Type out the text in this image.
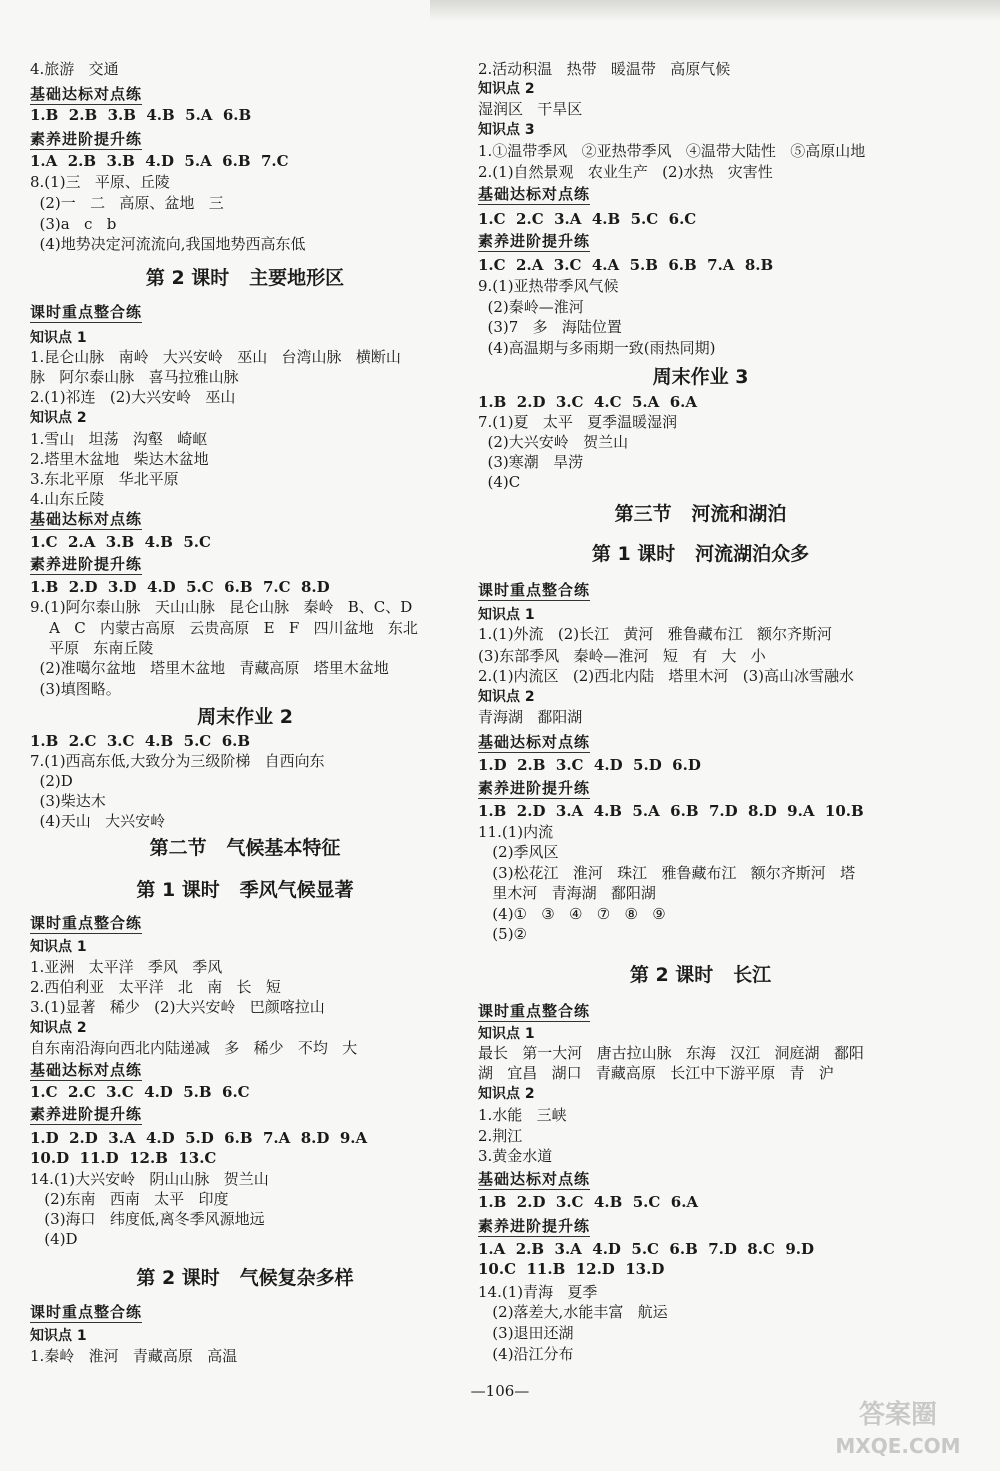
4.旅游   交通
基础达标对点练
1.B  2.B  3.B  4.B  5.A  6.B
素养进阶提升练
1.A  2.B  3.B  4.D  5.A  6.B  7.C
8.(1)三   平原、丘陵
(2)一   二   高原、盆地   三
(3)a   c   b
(4)地势决定河流流向,我国地势西高东低
第 2 课时   主要地形区
课时重点整合练
知识点 1
1.昆仑山脉   南岭   大兴安岭   巫山   台湾山脉   横断山
脉   阿尔泰山脉   喜马拉雅山脉
2.(1)祁连   (2)大兴安岭   巫山
知识点 2
1.雪山   坦荡   沟壑   崎岖
2.塔里木盆地   柴达木盆地
3.东北平原   华北平原
4.山东丘陵
基础达标对点练
1.C  2.A  3.B  4.B  5.C
素养进阶提升练
1.B  2.D  3.D  4.D  5.C  6.B  7.C  8.D
9.(1)阿尔泰山脉   天山山脉   昆仑山脉   秦岭   B、C、D
A   C   内蒙古高原   云贵高原   E   F   四川盆地   东北
平原   东南丘陵
(2)准噶尔盆地   塔里木盆地   青藏高原   塔里木盆地
(3)填图略。
周末作业 2
1.B  2.C  3.C  4.B  5.C  6.B
7.(1)西高东低,大致分为三级阶梯   自西向东
(2)D
(3)柴达木
(4)天山   大兴安岭
第二节   气候基本特征
第 1 课时   季风气候显著
课时重点整合练
知识点 1
1.亚洲   太平洋   季风   季风
2.西伯利亚   太平洋   北   南   长   短
3.(1)显著   稀少   (2)大兴安岭   巴颜喀拉山
知识点 2
自东南沿海向西北内陆递减   多   稀少   不均   大
基础达标对点练
1.C  2.C  3.C  4.D  5.B  6.C
素养进阶提升练
1.D  2.D  3.A  4.D  5.D  6.B  7.A  8.D  9.A
10.D  11.D  12.B  13.C
14.(1)大兴安岭   阴山山脉   贺兰山
(2)东南   西南   太平   印度
(3)海口   纬度低,离冬季风源地远
(4)D
第 2 课时   气候复杂多样
课时重点整合练
知识点 1
1.秦岭   淮河   青藏高原   高温
2.活动积温   热带   暖温带   高原气候
知识点 2
湿润区   干旱区
知识点 3
1.①温带季风   ②亚热带季风   ④温带大陆性   ⑤高原山地
2.(1)自然景观   农业生产   (2)水热   灾害性
基础达标对点练
1.C  2.C  3.A  4.B  5.C  6.C
素养进阶提升练
1.C  2.A  3.C  4.A  5.B  6.B  7.A  8.B
9.(1)亚热带季风气候
(2)秦岭—淮河
(3)7   多   海陆位置
(4)高温期与多雨期一致(雨热同期)
周末作业 3
1.B  2.D  3.C  4.C  5.A  6.A
7.(1)夏   太平   夏季温暖湿润
(2)大兴安岭   贺兰山
(3)寒潮   旱涝
(4)C
第三节   河流和湖泊
第 1 课时   河流湖泊众多
课时重点整合练
知识点 1
1.(1)外流   (2)长江   黄河   雅鲁藏布江   额尔齐斯河
(3)东部季风   秦岭—淮河   短   有   大   小
2.(1)内流区   (2)西北内陆   塔里木河   (3)高山冰雪融水
知识点 2
青海湖   鄱阳湖
基础达标对点练
1.D  2.B  3.C  4.D  5.D  6.D
素养进阶提升练
1.B  2.D  3.A  4.B  5.A  6.B  7.D  8.D  9.A  10.B
11.(1)内流
(2)季风区
(3)松花江   淮河   珠江   雅鲁藏布江   额尔齐斯河   塔
里木河   青海湖   鄱阳湖
(4)①   ③   ④   ⑦   ⑧   ⑨
(5)②
第 2 课时   长江
课时重点整合练
知识点 1
最长   第一大河   唐古拉山脉   东海   汉江   洞庭湖   鄱阳
湖   宜昌   湖口   青藏高原   长江中下游平原   青   沪
知识点 2
1.水能   三峡
2.荆江
3.黄金水道
基础达标对点练
1.B  2.D  3.C  4.B  5.C  6.A
素养进阶提升练
1.A  2.B  3.A  4.D  5.C  6.B  7.D  8.C  9.D
10.C  11.B  12.D  13.D
14.(1)青海   夏季
(2)落差大,水能丰富   航运
(3)退田还湖
(4)沿江分布
—106—
答案圈
MXQE.COM
